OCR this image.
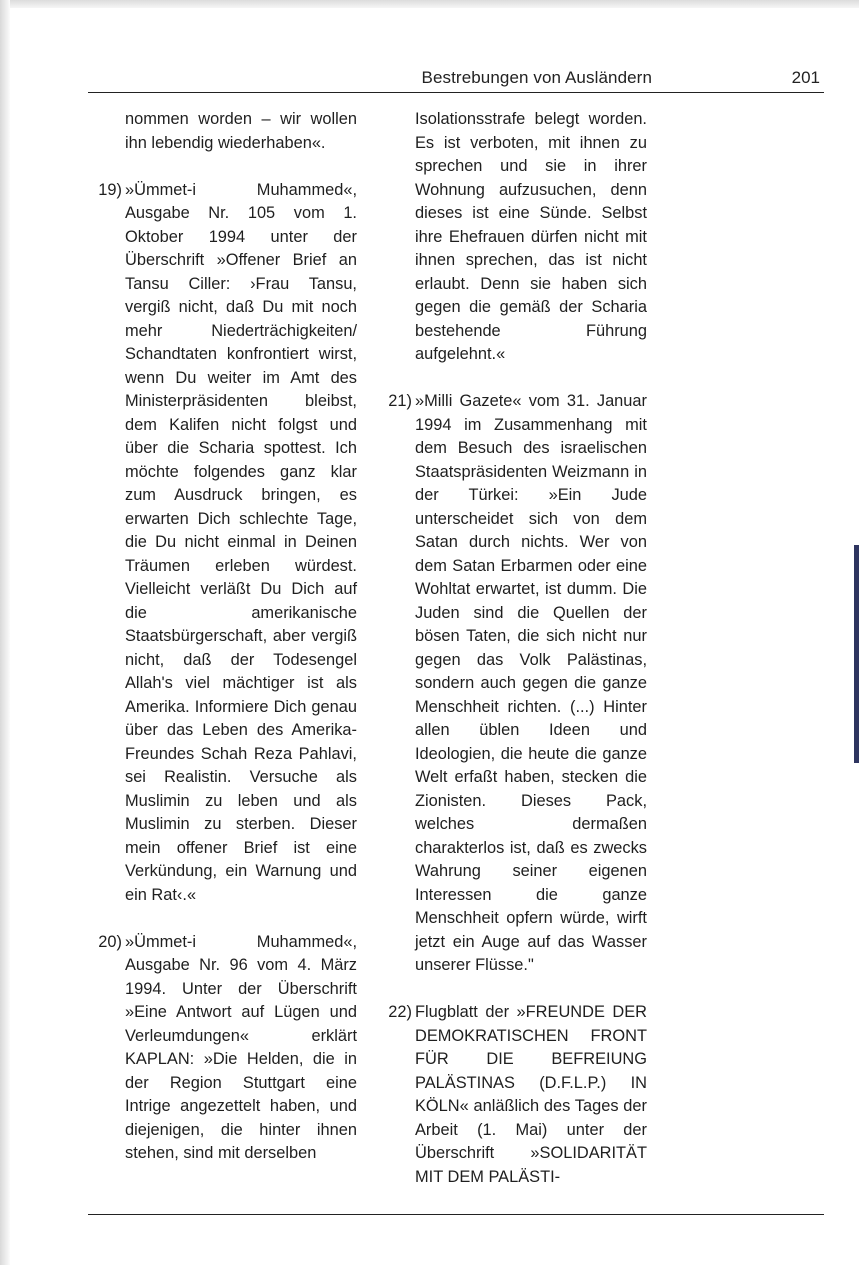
Bestrebungen von Ausländern	201

nommen worden – wir wollen ihn lebendig wiederhaben«.

19) »Ümmet-i Muhammed«, Ausgabe Nr. 105 vom 1. Oktober 1994 unter der Überschrift »Offener Brief an Tansu Ciller: ›Frau Tansu, vergiß nicht, daß Du mit noch mehr Niederträchigkeiten/ Schandtaten konfrontiert wirst, wenn Du weiter im Amt des Ministerpräsidenten bleibst, dem Kalifen nicht folgst und über die Scharia spottest. Ich möchte folgendes ganz klar zum Ausdruck bringen, es erwarten Dich schlechte Tage, die Du nicht einmal in Deinen Träumen erleben würdest. Vielleicht verläßt Du Dich auf die amerikanische Staatsbürgerschaft, aber vergiß nicht, daß der Todesengel Allah's viel mächtiger ist als Amerika. Informiere Dich genau über das Leben des Amerika-Freundes Schah Reza Pahlavi, sei Realistin. Versuche als Muslimin zu leben und als Muslimin zu sterben. Dieser mein offener Brief ist eine Verkündung, ein Warnung und ein Rat‹.«
20) »Ümmet-i Muhammed«, Ausgabe Nr. 96 vom 4. März 1994. Unter der Überschrift »Eine Antwort auf Lügen und Verleumdungen« erklärt KAPLAN: »Die Helden, die in der Region Stuttgart eine Intrige angezettelt haben, und diejenigen, die hinter ihnen stehen, sind mit derselben

Isolationsstrafe belegt worden. Es ist verboten, mit ihnen zu sprechen und sie in ihrer Wohnung aufzusuchen, denn dieses ist eine Sünde. Selbst ihre Ehefrauen dürfen nicht mit ihnen sprechen, das ist nicht erlaubt. Denn sie haben sich gegen die gemäß der Scharia bestehende Führung aufgelehnt.«

21) »Milli Gazete« vom 31. Januar 1994 im Zusammenhang mit dem Besuch des israelischen Staatspräsidenten Weizmann in der Türkei: »Ein Jude unterscheidet sich von dem Satan durch nichts. Wer von dem Satan Erbarmen oder eine Wohltat erwartet, ist dumm. Die Juden sind die Quellen der bösen Taten, die sich nicht nur gegen das Volk Palästinas, sondern auch gegen die ganze Menschheit richten. (...) Hinter allen üblen Ideen und Ideologien, die heute die ganze Welt erfaßt haben, stecken die Zionisten. Dieses Pack, welches dermaßen charakterlos ist, daß es zwecks Wahrung seiner eigenen Interessen die ganze Menschheit opfern würde, wirft jetzt ein Auge auf das Wasser unserer Flüsse."
22) Flugblatt der »FREUNDE DER DEMOKRATISCHEN FRONT FÜR DIE BEFREIUNG PALÄSTINAS (D.F.L.P.) IN KÖLN« anläßlich des Tages der Arbeit (1. Mai) unter der Überschrift »SOLIDARITÄT MIT DEM PALÄSTI-
